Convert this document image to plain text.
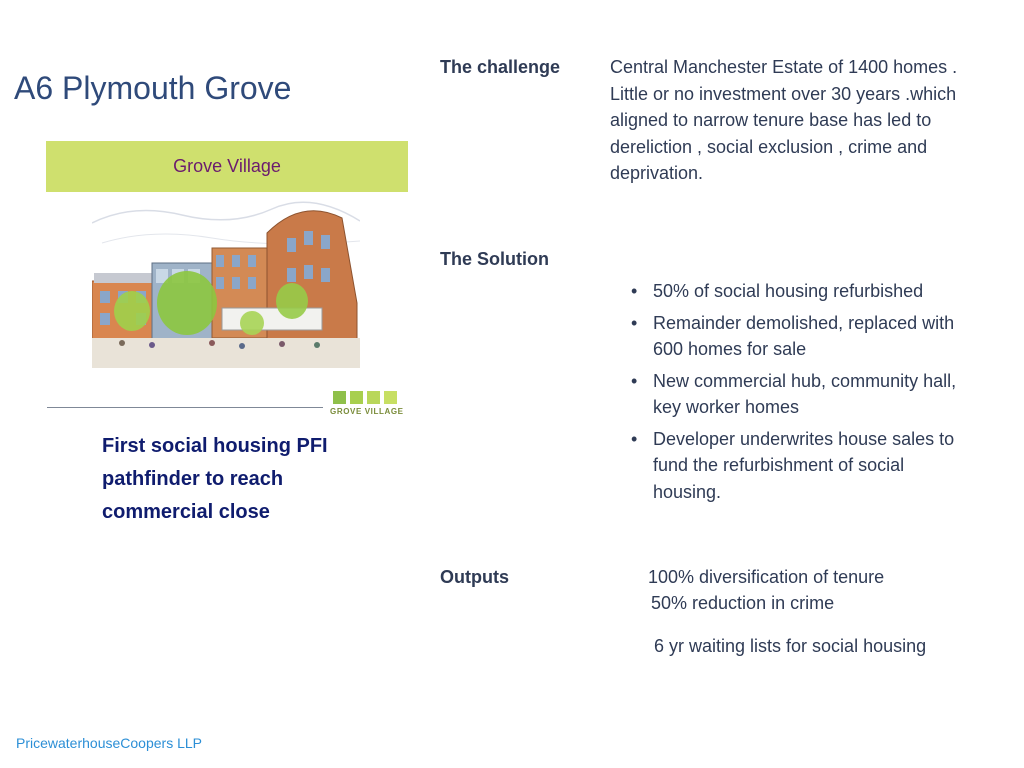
A6 Plymouth Grove
Grove Village
GROVE VILLAGE
First social housing PFI
pathfinder to reach
commercial close
The challenge	Central Manchester Estate of 1400 homes .
Little or no investment over 30 years .which
aligned to narrow tenure base has led to
dereliction , social exclusion , crime and
deprivation.
The Solution
• 50% of social housing refurbished
• Remainder demolished, replaced with
600 homes for sale
• New commercial hub, community hall,
key worker homes
• Developer underwrites house sales to
fund the refurbishment of social
housing.
Outputs	100% diversification of tenure
50% reduction in crime
6 yr waiting lists for social housing
PricewaterhouseCoopers LLP
